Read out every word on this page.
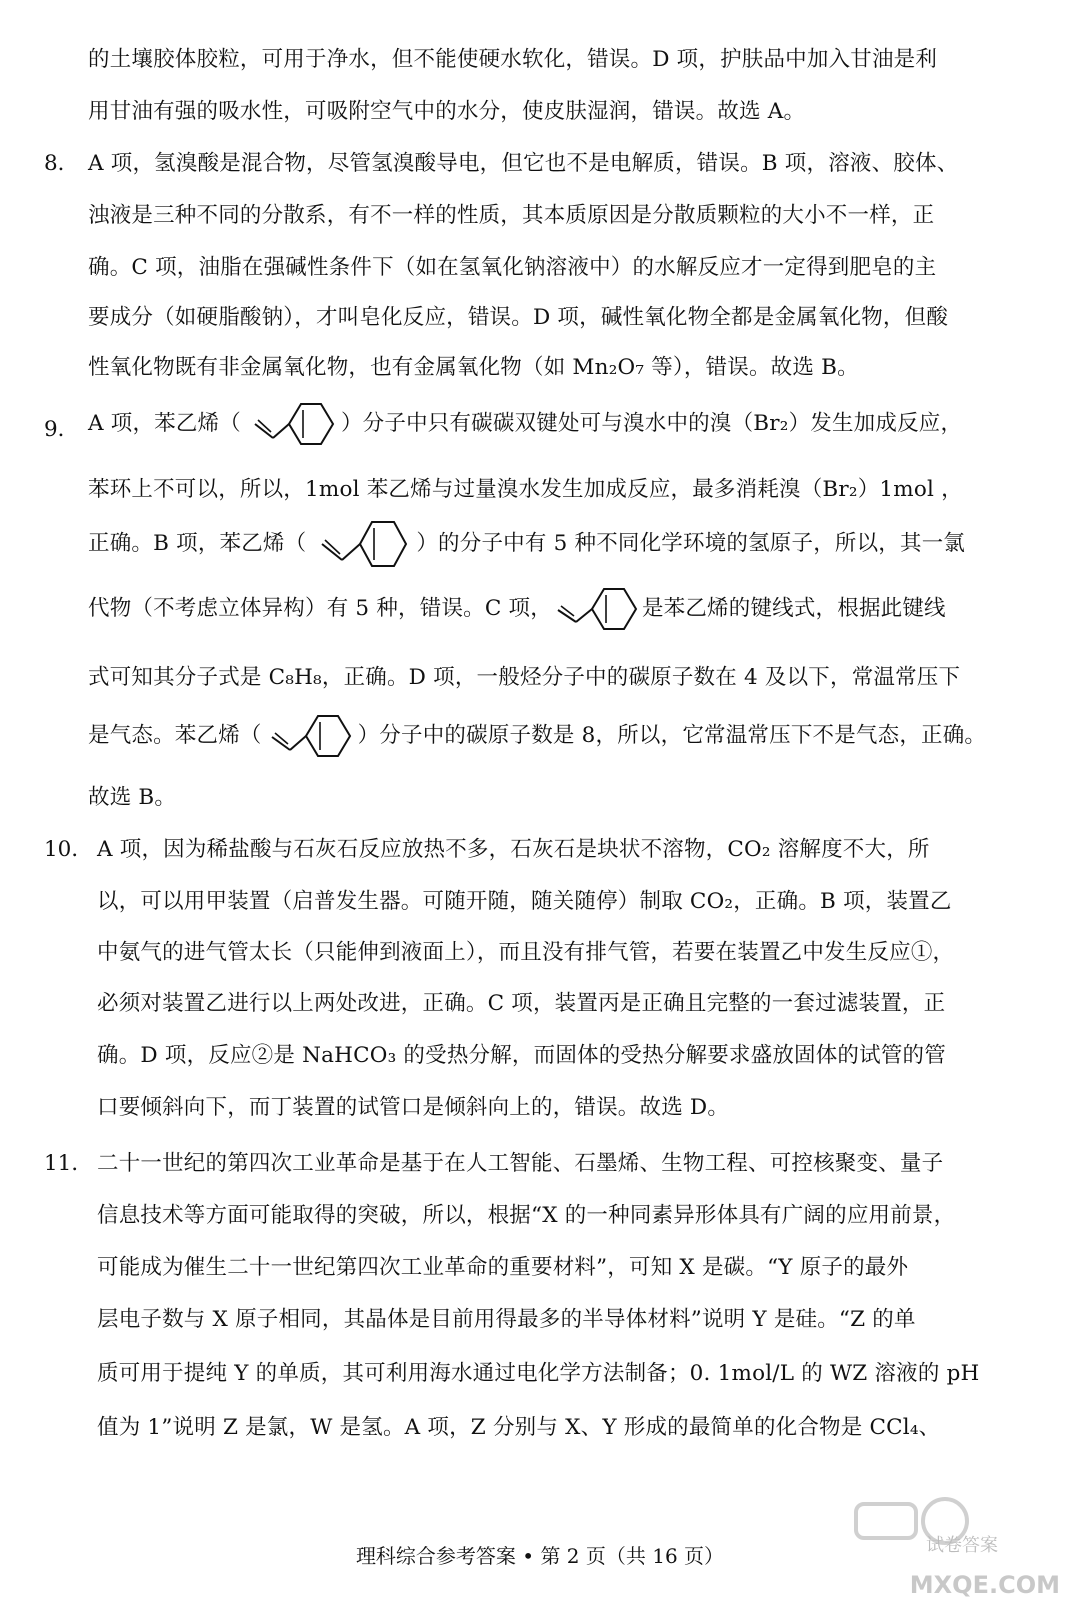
的土壤胶体胶粒，可用于净水，但不能使硬水软化，错误。D 项，护肤品中加入甘油是利
用甘油有强的吸水性，可吸附空气中的水分，使皮肤湿润，错误。故选 A。
8． A 项，氢溴酸是混合物，尽管氢溴酸导电，但它也不是电解质，错误。B 项，溶液、胶体、
浊液是三种不同的分散系，有不一样的性质，其本质原因是分散质颗粒的大小不一样，正
确。C 项，油脂在强碱性条件下（如在氢氧化钠溶液中）的水解反应才一定得到肥皂的主
要成分（如硬脂酸钠），才叫皂化反应，错误。D 项，碱性氧化物全都是金属氧化物，但酸
性氧化物既有非金属氧化物，也有金属氧化物（如 Mn₂O₇ 等），错误。故选 B。
9． A 项，苯乙烯（	）分子中只有碳碳双键处可与溴水中的溴（Br₂）发生加成反应，
苯环上不可以，所以，1mol 苯乙烯与过量溴水发生加成反应，最多消耗溴（Br₂）1mol ，
正确。B 项，苯乙烯（	）的分子中有 5 种不同化学环境的氢原子，所以，其一氯
代物（不考虑立体异构）有 5 种，错误。C 项，	是苯乙烯的键线式，根据此键线
式可知其分子式是 C₈H₈，正确。D 项，一般烃分子中的碳原子数在 4 及以下，常温常压下
是气态。苯乙烯（	）分子中的碳原子数是 8，所以，它常温常压下不是气态，正确。
故选 B。
10． A 项，因为稀盐酸与石灰石反应放热不多，石灰石是块状不溶物，CO₂ 溶解度不大，所
以，可以用甲装置（启普发生器。可随开随，随关随停）制取 CO₂，正确。B 项，装置乙
中氨气的进气管太长（只能伸到液面上），而且没有排气管，若要在装置乙中发生反应①，
必须对装置乙进行以上两处改进，正确。C 项，装置丙是正确且完整的一套过滤装置，正
确。D 项，反应②是 NaHCO₃ 的受热分解，而固体的受热分解要求盛放固体的试管的管
口要倾斜向下，而丁装置的试管口是倾斜向上的，错误。故选 D。
11． 二十一世纪的第四次工业革命是基于在人工智能、石墨烯、生物工程、可控核聚变、量子
信息技术等方面可能取得的突破，所以，根据“X 的一种同素异形体具有广阔的应用前景，
可能成为催生二十一世纪第四次工业革命的重要材料”，可知 X 是碳。“Y 原子的最外
层电子数与 X 原子相同，其晶体是目前用得最多的半导体材料”说明 Y 是硅。“Z 的单
质可用于提纯 Y 的单质，其可利用海水通过电化学方法制备；0. 1mol/L 的 WZ 溶液的 pH
值为 1”说明 Z 是氯，W 是氢。A 项，Z 分别与 X、Y 形成的最简单的化合物是 CCl₄、
理科综合参考答案 • 第 2 页（共 16 页）	试卷答案
MXQE.COM
